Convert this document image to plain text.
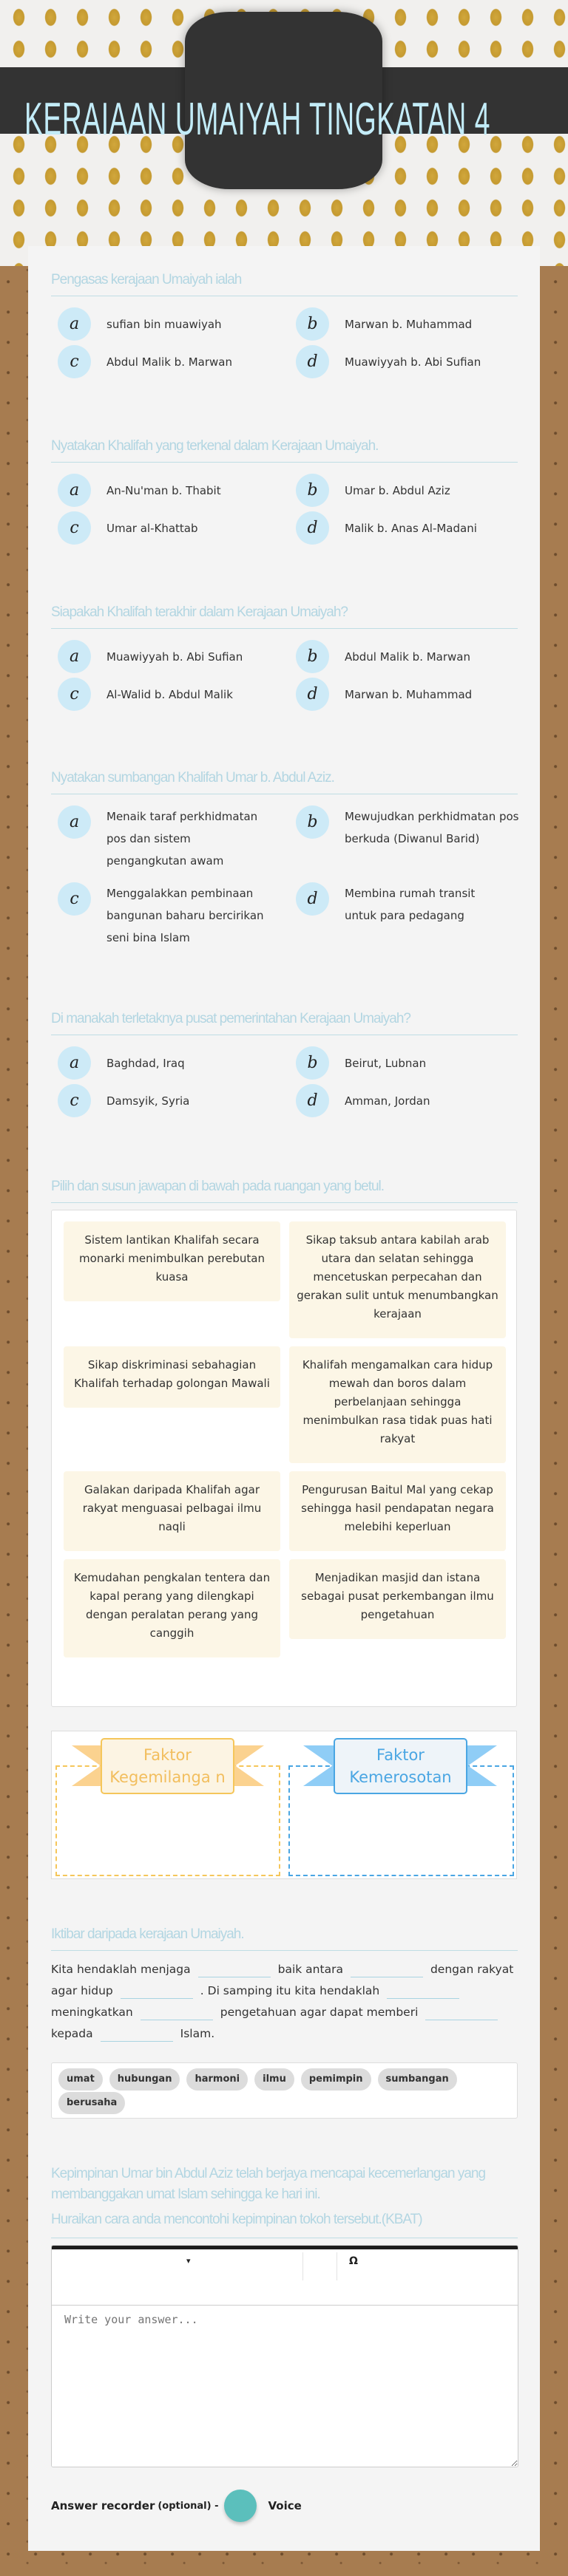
KERAIAAN UMAIYAH TINGKATAN 4
Pengasas kerajaan Umaiyah ialah
a	sufian bin muawiyah	b	Marwan b. Muhammad
c	Abdul Malik b. Marwan	d	Muawiyyah b. Abi Sufian
Nyatakan Khalifah yang terkenal dalam Kerajaan Umaiyah.
a	An-Nu'man b. Thabit	b	Umar b. Abdul Aziz
c	Umar al-Khattab	d	Malik b. Anas Al-Madani
Siapakah Khalifah terakhir dalam Kerajaan Umaiyah?
a	Muawiyyah b. Abi Sufian	b	Abdul Malik b. Marwan
c	Al-Walid b. Abdul Malik	d	Marwan b. Muhammad
Nyatakan sumbangan Khalifah Umar b. Abdul Aziz.
a	Menaik taraf perkhidmatan pos dan sistem pengangkutan awam
b	Mewujudkan perkhidmatan pos berkuda (Diwanul Barid)
c	Menggalakkan pembinaan bangunan baharu bercirikan seni bina Islam
d	Membina rumah transit untuk para pedagang
Di manakah terletaknya pusat pemerintahan Kerajaan Umaiyah?
a	Baghdad, Iraq	b	Beirut, Lubnan
c	Damsyik, Syria	d	Amman, Jordan
Pilih dan susun jawapan di bawah pada ruangan yang betul.
Sistem lantikan Khalifah secara monarki menimbulkan perebutan kuasa
Sikap taksub antara kabilah arab utara dan selatan sehingga mencetuskan perpecahan dan gerakan sulit untuk menumbangkan kerajaan
Sikap diskriminasi sebahagian Khalifah terhadap golongan Mawali
Khalifah mengamalkan cara hidup mewah dan boros dalam perbelanjaan sehingga menimbulkan rasa tidak puas hati rakyat
Galakan daripada Khalifah agar rakyat menguasai pelbagai ilmu naqli
Pengurusan Baitul Mal yang cekap sehingga hasil pendapatan negara melebihi keperluan
Kemudahan pengkalan tentera dan kapal perang yang dilengkapi dengan peralatan perang yang canggih
Menjadikan masjid dan istana sebagai pusat perkembangan ilmu pengetahuan
Faktor Kegemilanga n
Faktor Kemerosotan
Iktibar daripada kerajaan Umaiyah.
Kita hendaklah menjaga	baik antara	dengan rakyat agar hidup	. Di samping itu kita hendaklahmeningkatkan	pengetahuan agar dapat memberikepada	Islam.
umat	hubungan	harmoni	ilmu	pemimpin	sumbangan
berusaha
Kepimpinan Umar bin Abdul Aziz telah berjaya mencapai kecemerlangan yang membanggakan umat Islam sehingga ke hari ini.
Huraikan cara anda mencontohi kepimpinan tokoh tersebut.(KBAT)
▾	Ω
Write your answer...
Answer recorder (optional) -	Voice
